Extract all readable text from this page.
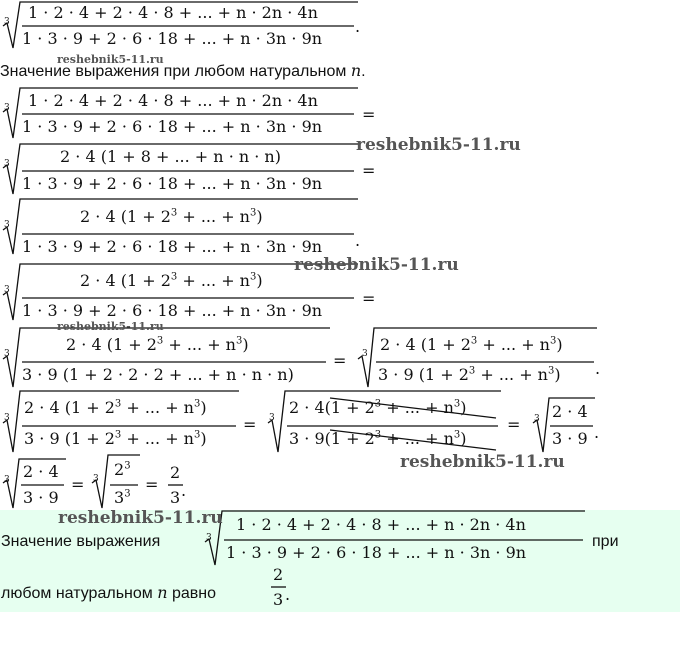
3 1 · 2 · 4 + 2 · 4 · 8 + ... + n · 2n · 4n
1 · 3 · 9 + 2 · 6 · 18 + ... + n · 3n · 9n
.
Значение выражения при любом натуральном n.
3 1 · 2 · 4 + 2 · 4 · 8 + ... + n · 2n · 4n
1 · 3 · 9 + 2 · 6 · 18 + ... + n · 3n · 9n
=
3	2 · 4 (1 + 8 + ... + n · n · n)
1 · 3 · 9 + 2 · 6 · 18 + ... + n · 3n · 9n
=
3	2 · 4 ($1 + 2^3$ + ... + $n^3$)
1 · 3 · 9 + 2 · 6 · 18 + ... + n · 3n · 9n .
3	2 · 4 ($1 + 2^3$ + ... + $n^3$)
1 · 3 · 9 + 2 · 6 · 18 + ... + n · 3n · 9n
=
3	2 · 4 ($1 + 2^3$ + ... + $n^3$)
3 · 9 (1 + 2 · 2 · 2 + ... + n · n · n)
= 3 2 · 4 ($1 + 2^3$ + ... + $n^3$)
3 · 9 ($1 + 2^3$ + ... + $n^3$) .
3
2 · 4 ($1 + 2^3$ + ... + $n^3$)
3 · 9 ($1 + 2^3$ + ... + $n^3$)
= 3
$2 \cdot 4(1 + 2^3$ + ... + $n^3$)
$3 \cdot 9(1 + 2^3$ + ... + $n^3$)
= 3 2 · 4
3 · 9 .
3 2 · 4
3 · 9
= 3 $2^3$
$3^3$
=
2
3 .
Значение выражения	3
1 · 2 · 4 + 2 · 4 · 8 + ... + n · 2n · 4n
1 · 3 · 9 + 2 · 6 · 18 + ... + n · 3n · 9n
при
любом натуральном n равно
2
3 .
reshebnik5-11.ru
reshebnik5-11.ru
reshebnik5-11.ru
reshebnik5-11.ru
reshebnik5-11.ru
reshebnik5-11.ru
